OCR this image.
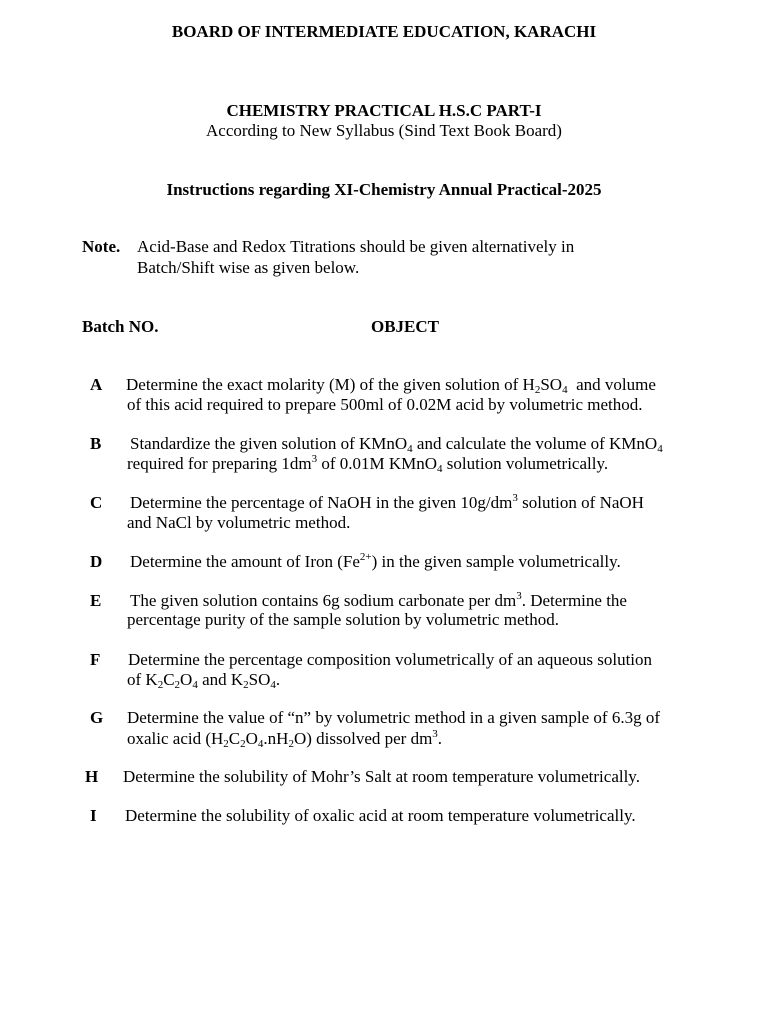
BOARD OF INTERMEDIATE EDUCATION, KARACHI
CHEMISTRY PRACTICAL H.S.C PART-I
According to New Syllabus (Sind Text Book Board)
Instructions regarding XI-Chemistry Annual Practical-2025
Note. Acid-Base and Redox Titrations should be given alternatively in
Batch/Shift wise as given below.
Batch NO.	OBJECT
A Determine the exact molarity (M) of the given solution of $H_2SO_4$  and volume
of this acid required to prepare 500ml of 0.02M acid by volumetric method.
B Standardize the given solution of KMnO$_4$ and calculate the volume of KMnO$_4$
required for preparing $1dm^3$ of 0.01M KMnO$_4$ solution volumetrically.
C Determine the percentage of NaOH in the given $10g/dm^3$ solution of NaOH
and NaCl by volumetric method.
D Determine the amount of Iron $(Fe^{2+})$ in the given sample volumetrically.
E The given solution contains 6g sodium carbonate per $dm^3$. Determine the
percentage purity of the sample solution by volumetric method.
F Determine the percentage composition volumetrically of an aqueous solution
of $K_2C_2O_4$ and $K_2SO_4$.
G Determine the value of “n” by volumetric method in a given sample of 6.3g of
oxalic acid $(H_2C_2O_4.nH_2O)$ dissolved per $dm^3$.
H Determine the solubility of Mohr’s Salt at room temperature volumetrically.
I Determine the solubility of oxalic acid at room temperature volumetrically.
